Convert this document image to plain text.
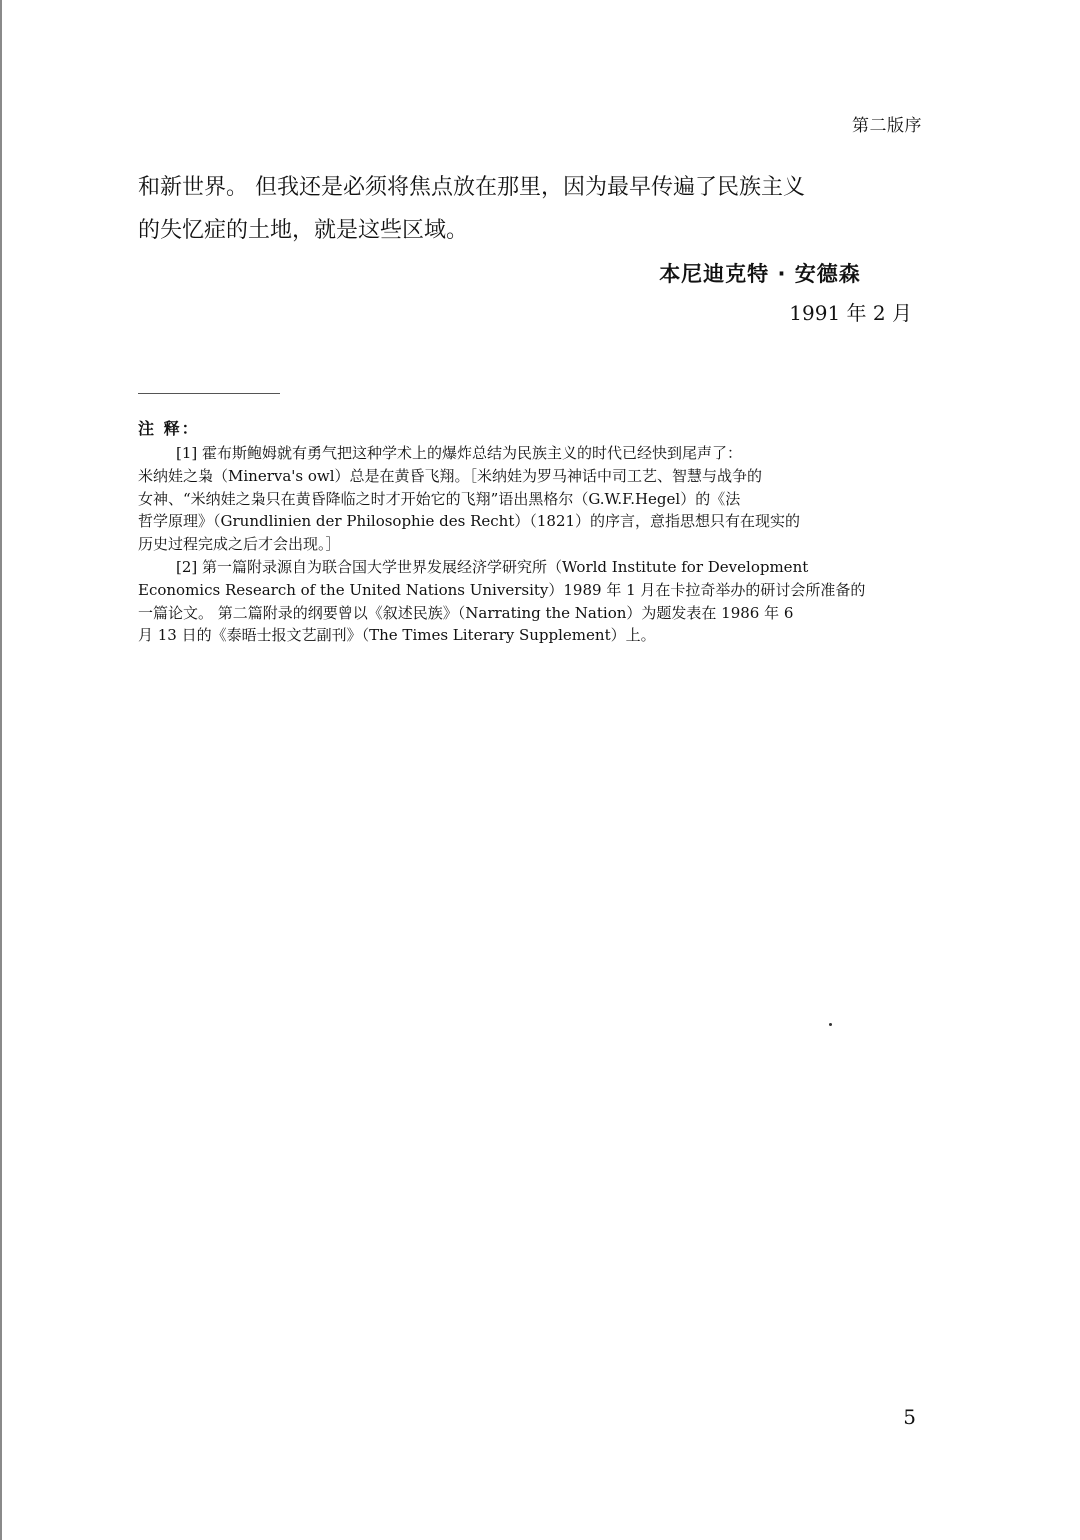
第二版序
和新世界。 但我还是必须将焦点放在那里，因为最早传遍了民族主义
的失忆症的土地，就是这些区域。
本尼迪克特 · 安德森
1991 年 2 月
注 释：
[1] 霍布斯鲍姆就有勇气把这种学术上的爆炸总结为民族主义的时代已经快到尾声了：
米纳娃之枭（Minerva's owl）总是在黄昏飞翔。［米纳娃为罗马神话中司工艺、智慧与战争的
女神、“米纳娃之枭只在黄昏降临之时才开始它的飞翔”语出黑格尔（G.W.F.Hegel）的《法
哲学原理》（Grundlinien der Philosophie des Recht）（1821）的序言，意指思想只有在现实的
历史过程完成之后才会出现。］
[2] 第一篇附录源自为联合国大学世界发展经济学研究所（World Institute for Development
Economics Research of the United Nations University）1989 年 1 月在卡拉奇举办的研讨会所准备的
一篇论文。 第二篇附录的纲要曾以《叙述民族》（Narrating the Nation）为题发表在 1986 年 6
月 13 日的《泰晤士报文艺副刊》（The Times Literary Supplement）上。
5
